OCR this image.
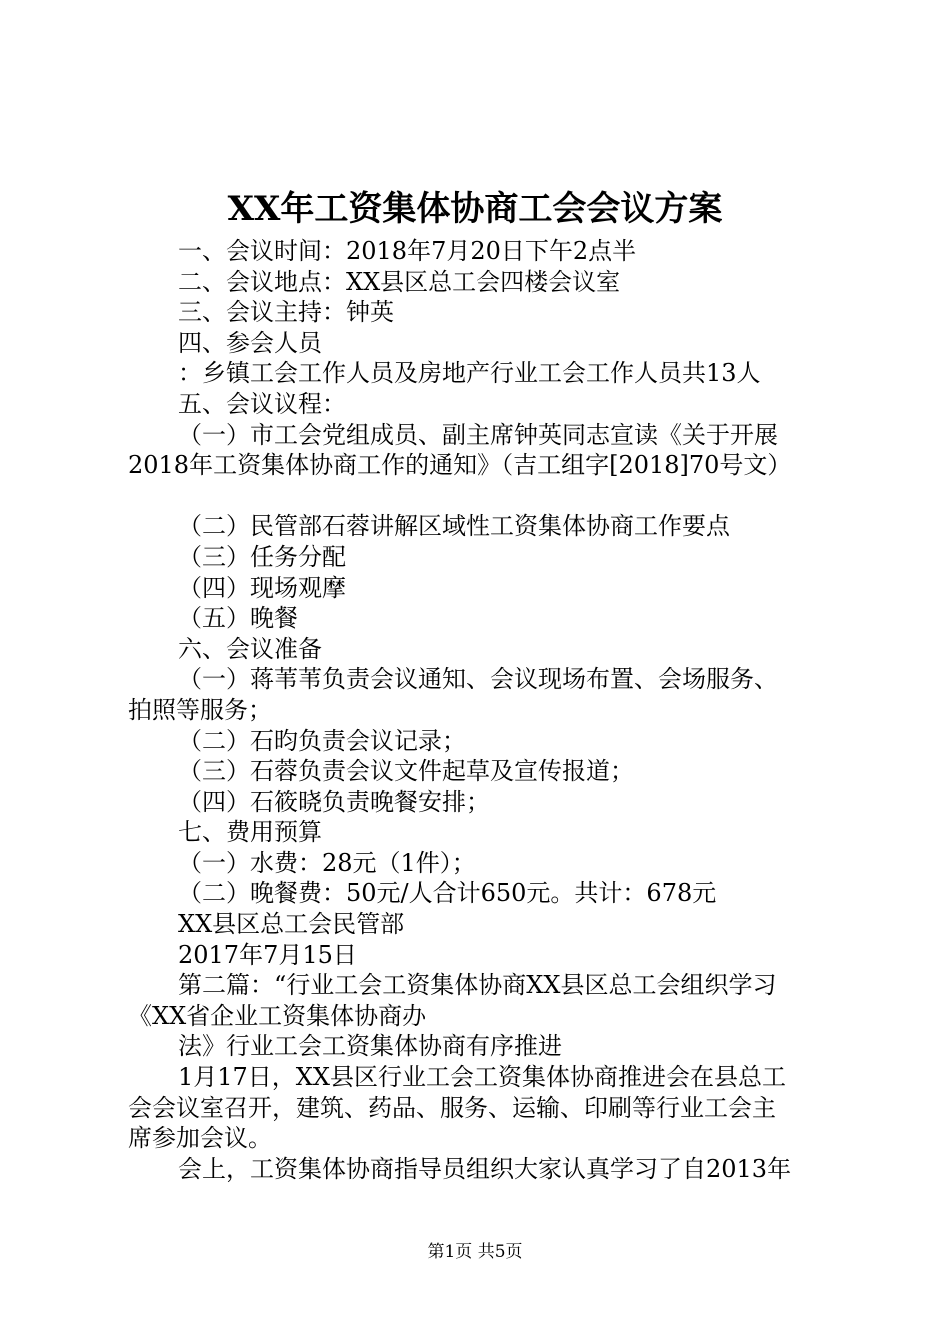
XX年工资集体协商工会会议方案
一、会议时间：2018年7月20日下午2点半
二、会议地点：XX县区总工会四楼会议室
三、会议主持：钟英
四、参会人员
：乡镇工会工作人员及房地产行业工会工作人员共13人
五、会议议程：
（一）市工会党组成员、副主席钟英同志宣读《关于开展
2018年工资集体协商工作的通知》（吉工组字[2018]70号文）
（二）民管部石蓉讲解区域性工资集体协商工作要点
（三）任务分配
（四）现场观摩
（五）晚餐
六、会议准备
（一）蒋苇苇负责会议通知、会议现场布置、会场服务、
拍照等服务；
（二）石昀负责会议记录；
（三）石蓉负责会议文件起草及宣传报道；
（四）石筱晓负责晚餐安排；
七、费用预算
（一）水费：28元（1件）；
（二）晚餐费：50元/人合计650元。共计：678元
XX县区总工会民管部
2017年7月15日
第二篇：“行业工会工资集体协商XX县区总工会组织学习
《XX省企业工资集体协商办
法》行业工会工资集体协商有序推进
1月17日，XX县区行业工会工资集体协商推进会在县总工
会会议室召开，建筑、药品、服务、运输、印刷等行业工会主
席参加会议。
会上，工资集体协商指导员组织大家认真学习了自2013年
第1页 共5页
